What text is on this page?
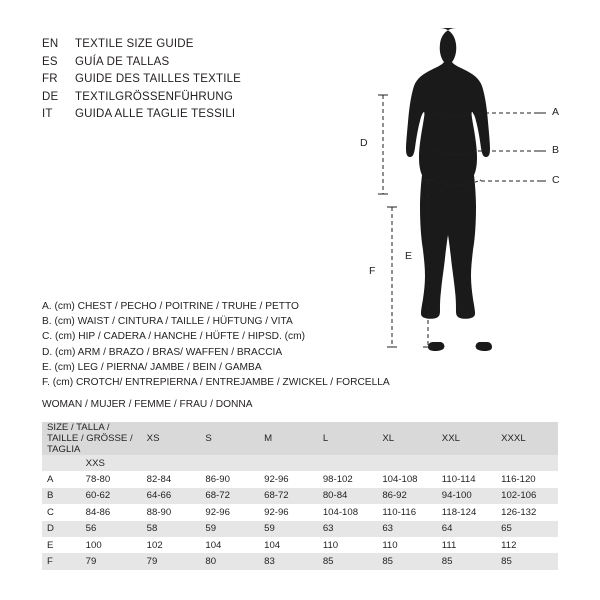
EN	TEXTILE SIZE GUIDE
ES	GUÍA DE TALLAS
FR	GUIDE DES TAILLES TEXTILE
DE	TEXTILGRÖSSENFÜHRUNG
IT	GUIDA ALLE TAGLIE TESSILI	A
B
C
D
E
F
A. (cm) CHEST / PECHO / POITRINE / TRUHE / PETTO
B. (cm) WAIST / CINTURA / TAILLE / HÜFTUNG / VITA
C. (cm) HIP / CADERA / HANCHE / HÜFTE / HIPSD. (cm)
D. (cm) ARM / BRAZO / BRAS/ WAFFEN / BRACCIA
E. (cm) LEG / PIERNA/ JAMBE / BEIN / GAMBA
F. (cm) CROTCH/ ENTREPIERNA / ENTREJAMBE / ZWICKEL / FORCELLA
WOMAN / MUJER / FEMME / FRAU / DONNA
SIZE / TALLA / TAILLE / GRÖSSE / TAGLIA		XS	S	M	L	XL	XXL	XXXL
	XXS							
A	78-80	82-84	86-90	92-96	98-102	104-108	110-114	116-120
B	60-62	64-66	68-72	68-72	80-84	86-92	94-100	102-106
C	84-86	88-90	92-96	92-96	104-108	110-116	118-124	126-132
D	56	58	59	59	63	63	64	65
E	100	102	104	104	110	110	111	112
F	79	79	80	83	85	85	85	85
